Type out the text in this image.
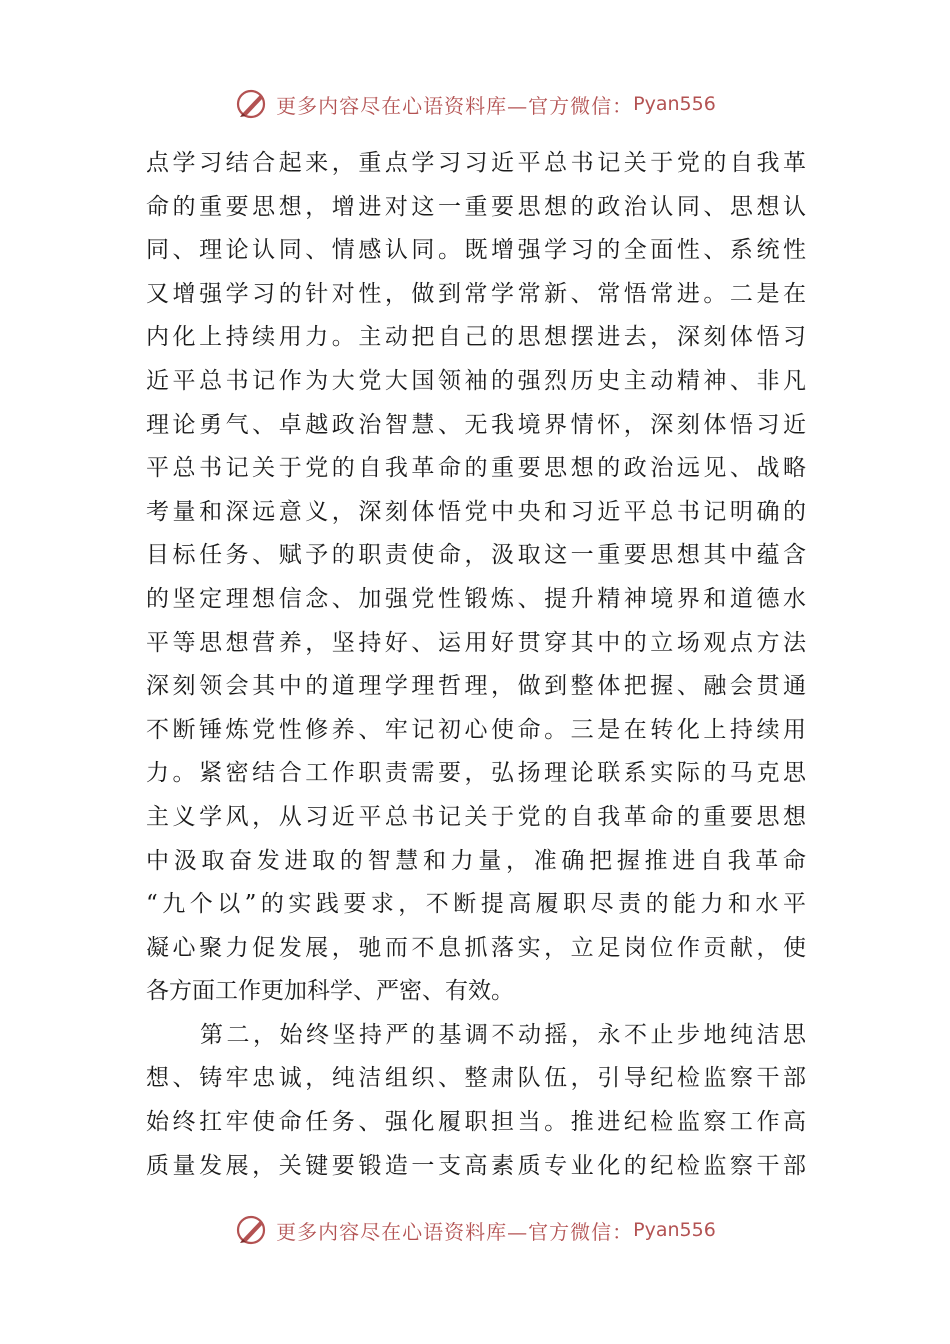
更多内容尽在心语资料库—官方微信： Pyan556
点学习结合起来，重点学习习近平总书记关于党的自我革
命的重要思想，增进对这一重要思想的政治认同、思想认
同、理论认同、情感认同。既增强学习的全面性、系统性
又增强学习的针对性，做到常学常新、常悟常进。二是在
内化上持续用力。主动把自己的思想摆进去，深刻体悟习
近平总书记作为大党大国领袖的强烈历史主动精神、非凡
理论勇气、卓越政治智慧、无我境界情怀，深刻体悟习近
平总书记关于党的自我革命的重要思想的政治远见、战略
考量和深远意义，深刻体悟党中央和习近平总书记明确的
目标任务、赋予的职责使命，汲取这一重要思想其中蕴含
的坚定理想信念、加强党性锻炼、提升精神境界和道德水
平等思想营养，坚持好、运用好贯穿其中的立场观点方法
深刻领会其中的道理学理哲理，做到整体把握、融会贯通
不断锤炼党性修养、牢记初心使命。三是在转化上持续用
力。紧密结合工作职责需要，弘扬理论联系实际的马克思
主义学风，从习近平总书记关于党的自我革命的重要思想
中汲取奋发进取的智慧和力量，准确把握推进自我革命
“九个以”的实践要求，不断提高履职尽责的能力和水平
凝心聚力促发展，驰而不息抓落实，立足岗位作贡献，使
各方面工作更加科学、严密、有效。
第二，始终坚持严的基调不动摇，永不止步地纯洁思
想、铸牢忠诚，纯洁组织、整肃队伍，引导纪检监察干部
始终扛牢使命任务、强化履职担当。推进纪检监察工作高
质量发展，关键要锻造一支高素质专业化的纪检监察干部
更多内容尽在心语资料库—官方微信： Pyan556
